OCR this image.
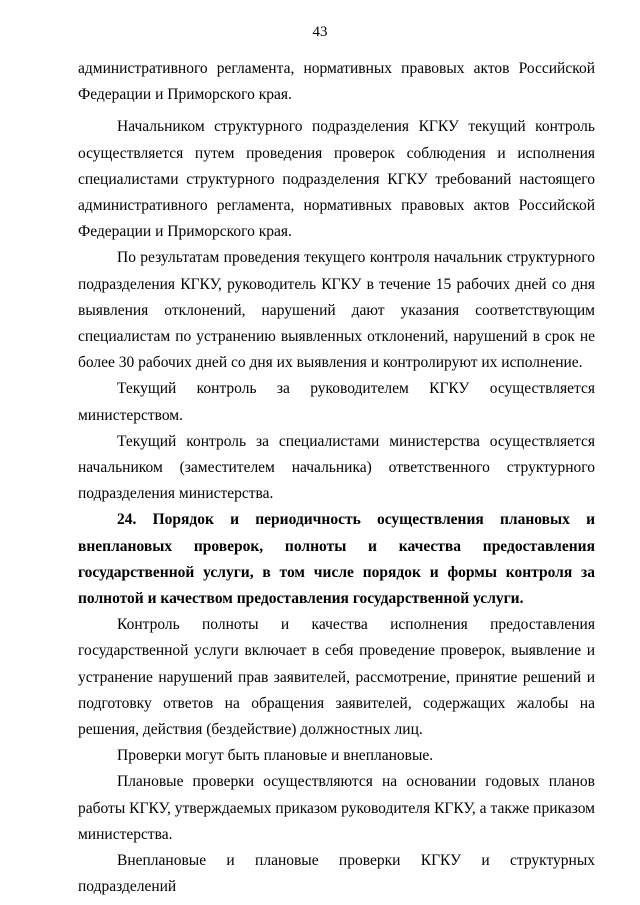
43

административного регламента, нормативных правовых актов Российской Федерации и Приморского края.

Начальником структурного подразделения КГКУ текущий контроль осуществляется путем проведения проверок соблюдения и исполнения специалистами структурного подразделения КГКУ требований настоящего административного регламента, нормативных правовых актов Российской Федерации и Приморского края.

По результатам проведения текущего контроля начальник структурного подразделения КГКУ, руководитель КГКУ в течение 15 рабочих дней со дня выявления отклонений, нарушений дают указания соответствующим специалистам по устранению выявленных отклонений, нарушений в срок не более 30 рабочих дней со дня их выявления и контролируют их исполнение.

Текущий контроль за руководителем КГКУ осуществляется министерством.

Текущий контроль за специалистами министерства осуществляется начальником (заместителем начальника) ответственного структурного подразделения министерства.

24. Порядок и периодичность осуществления плановых и внеплановых проверок, полноты и качества предоставления государственной услуги, в том числе порядок и формы контроля за полнотой и качеством предоставления государственной услуги.

Контроль полноты и качества исполнения предоставления государственной услуги включает в себя проведение проверок, выявление и устранение нарушений прав заявителей, рассмотрение, принятие решений и подготовку ответов на обращения заявителей, содержащих жалобы на решения, действия (бездействие) должностных лиц.

Проверки могут быть плановые и внеплановые.

Плановые проверки осуществляются на основании годовых планов работы КГКУ, утверждаемых приказом руководителя КГКУ, а также приказом министерства.

Внеплановые и плановые проверки КГКУ и структурных подразделений
